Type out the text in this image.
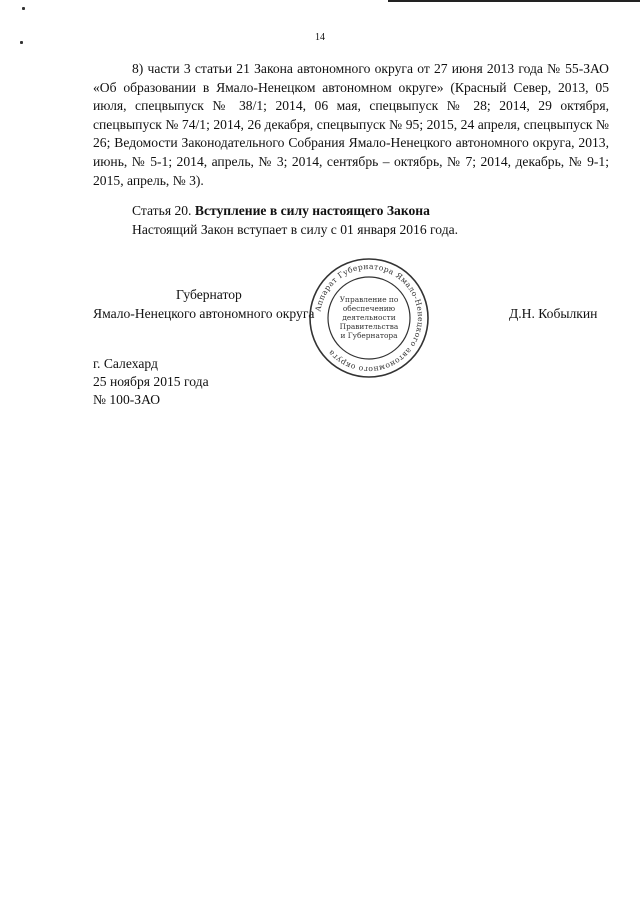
14

8) части 3 статьи 21 Закона автономного округа от 27 июня 2013 года № 55-ЗАО «Об образовании в Ямало-Ненецком автономном округе» (Красный Север, 2013, 05 июля, спецвыпуск № 38/1; 2014, 06 мая, спецвыпуск № 28; 2014, 29 октября, спецвыпуск № 74/1; 2014, 26 декабря, спецвыпуск № 95; 2015, 24 апреля, спецвыпуск № 26; Ведомости Законодательного Собрания Ямало-Ненецкого автономного округа, 2013, июнь, № 5-1; 2014, апрель, № 3; 2014, сентябрь – октябрь, № 7; 2014, декабрь, № 9-1; 2015, апрель, № 3).

Статья 20. Вступление в силу настоящего Закона
Настоящий Закон вступает в силу с 01 января 2016 года.
Губернатор
Ямало-Ненецкого автономного округа
Аппарат Губернатора Ямало-Ненецкого автономного округа
Управление по
обеспечению
деятельности
Правительства
и Губернатора
Д.Н. Кобылкин
г. Салехард
25 ноября 2015 года
№ 100-ЗАО
